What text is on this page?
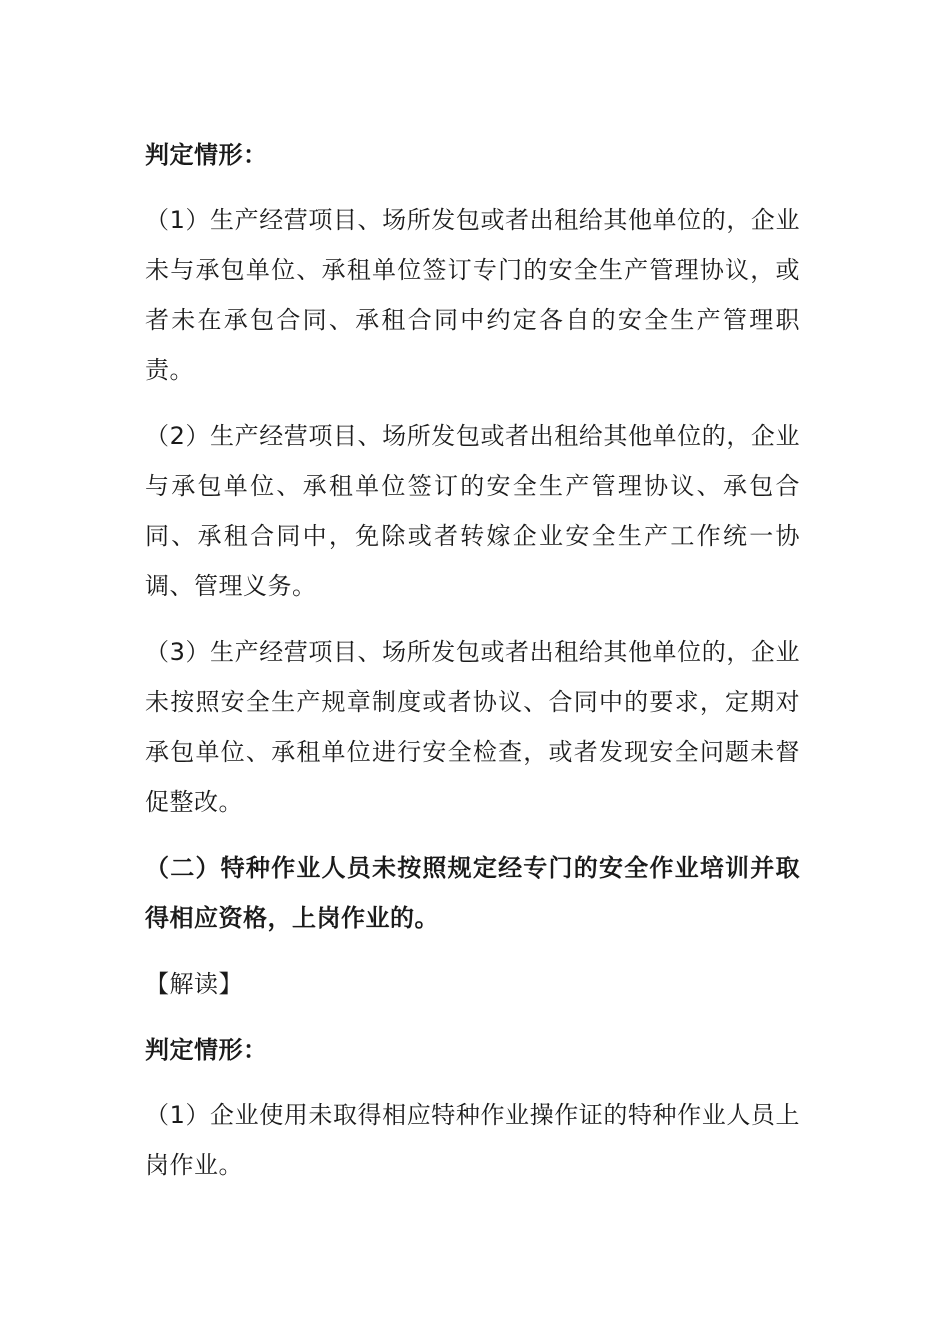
判定情形：

（1）生产经营项目、场所发包或者出租给其他单位的，企业未与承包单位、承租单位签订专门的安全生产管理协议，或者未在承包合同、承租合同中约定各自的安全生产管理职责。

（2）生产经营项目、场所发包或者出租给其他单位的，企业与承包单位、承租单位签订的安全生产管理协议、承包合同、承租合同中，免除或者转嫁企业安全生产工作统一协调、管理义务。

（3）生产经营项目、场所发包或者出租给其他单位的，企业未按照安全生产规章制度或者协议、合同中的要求，定期对承包单位、承租单位进行安全检查，或者发现安全问题未督促整改。

（二）特种作业人员未按照规定经专门的安全作业培训并取得相应资格，上岗作业的。

【解读】

判定情形：

（1）企业使用未取得相应特种作业操作证的特种作业人员上岗作业。
